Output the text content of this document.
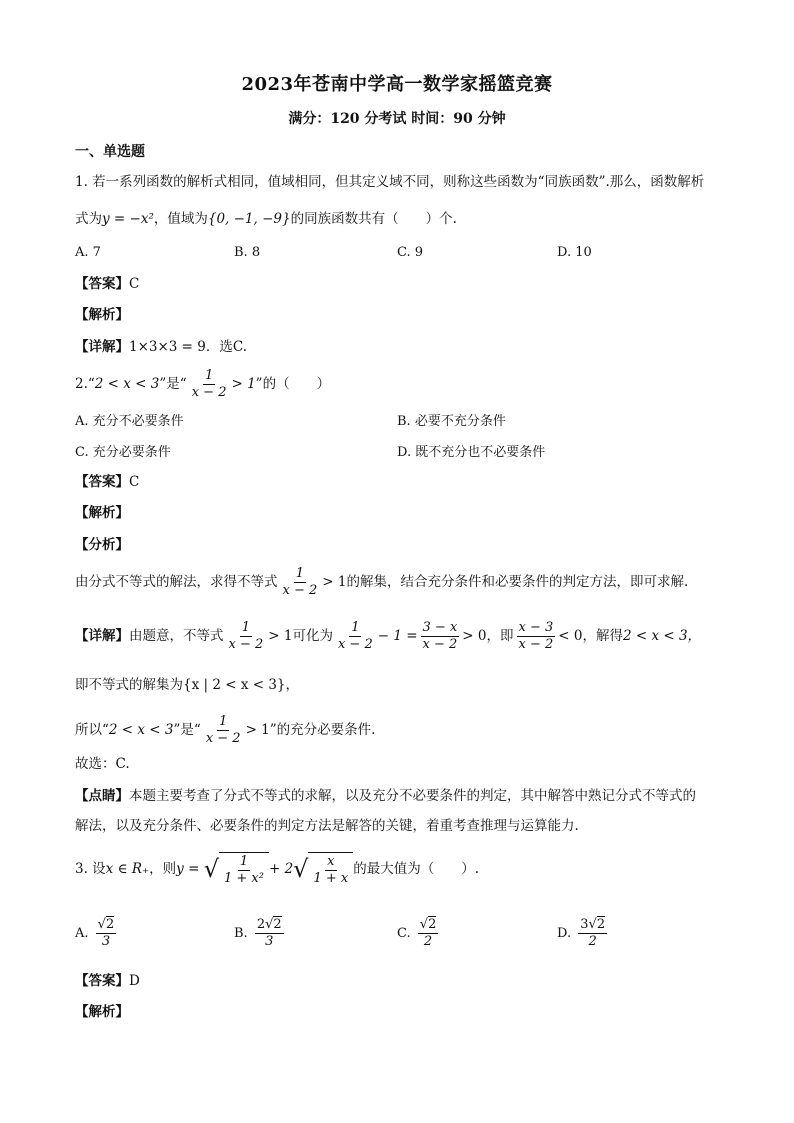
2023年苍南中学高一数学家摇篮竞赛
满分：120 分考试 时间：90 分钟
一、单选题
1. 若一系列函数的解析式相同，值域相同，但其定义域不同，则称这些函数为“同族函数”.那么，函数解析
式为y = −x²，值域为{0, −1, −9}的同族函数共有（　　）个.
A. 7	B. 8	C. 9	D. 10
【答案】C
【解析】
【详解】1×3×3 = 9．选C.
2.“2 < x < 3”是“ $\frac{1}{x - 2} > 1$”的（　　）
A. 充分不必要条件	B. 必要不充分条件
C. 充分必要条件	D. 既不充分也不必要条件
【答案】C
【解析】
【分析】
由分式不等式的解法，求得不等式 $\frac{1}{x - 2} > 1$的解集，结合充分条件和必要条件的判定方法，即可求解.
【详解】由题意，不等式 $\frac{1}{x - 2} > 1$可化为 $\frac{1}{x - 2} - 1 = \frac{3 - x}{x - 2} > 0$，即 $\frac{x - 3}{x - 2} < 0$，解得2 < x < 3，
即不等式的解集为{x | 2 < x < 3}，
所以“2 < x < 3”是“ $\frac{1}{x - 2} > 1$”的充分必要条件.
故选：C.
【点睛】本题主要考查了分式不等式的求解，以及充分不必要条件的判定，其中解答中熟记分式不等式的
解法，以及充分条件、必要条件的判定方法是解答的关键，着重考查推理与运算能力.
3. 设x ∈ R₊，则y = √ $\frac{1}{\text{1 + x²}} + 2$ √ $\frac{x}{1 + x}$ 的最大值为（　　）.
A. $\frac{√2}{3}$	B. $\frac{2√2}{3}$	C. $\frac{√2}{2}$	D. $\frac{3√2}{2}$
【答案】D
【解析】
